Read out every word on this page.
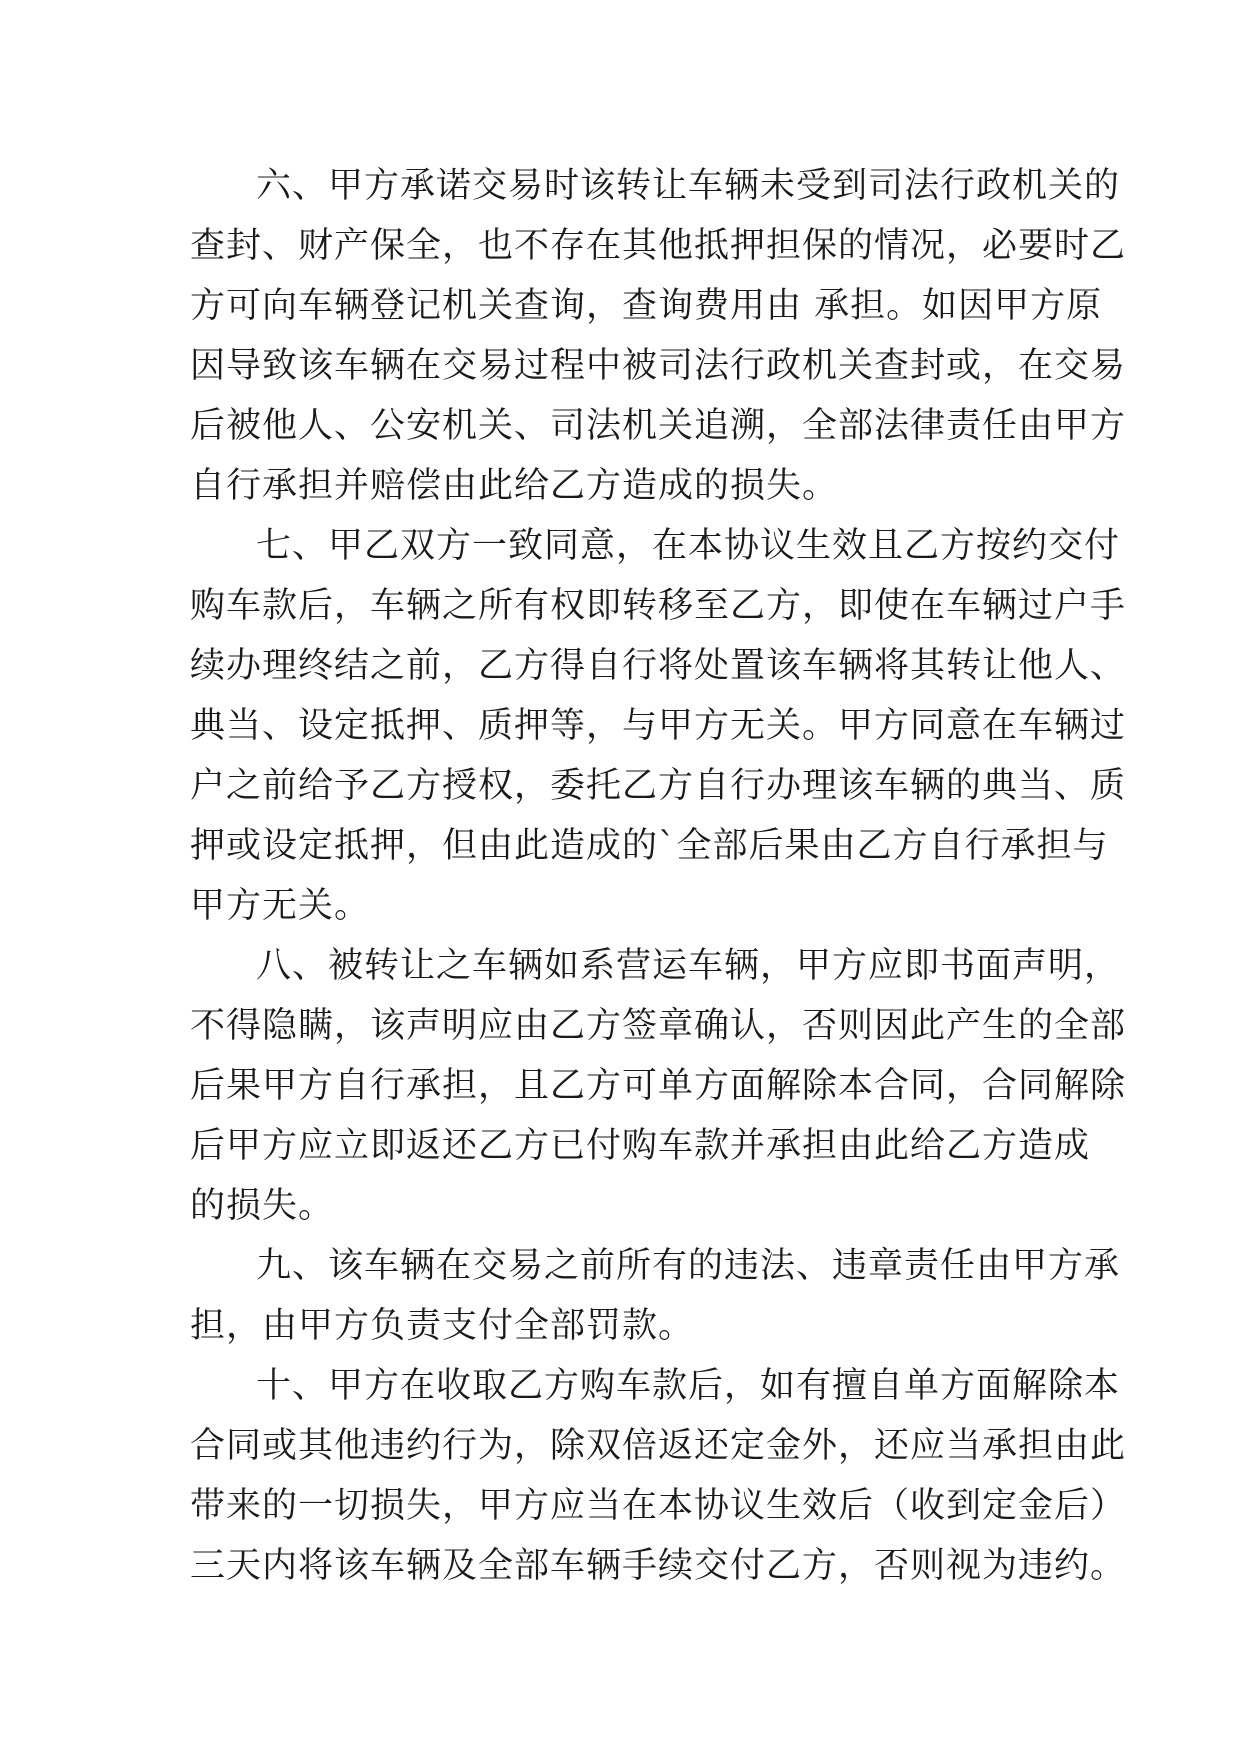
六、甲方承诺交易时该转让车辆未受到司法行政机关的
查封、财产保全，也不存在其他抵押担保的情况，必要时乙
方可向车辆登记机关查询，查询费用由 承担。如因甲方原
因导致该车辆在交易过程中被司法行政机关查封或，在交易
后被他人、公安机关、司法机关追溯，全部法律责任由甲方
自行承担并赔偿由此给乙方造成的损失。
七、甲乙双方一致同意，在本协议生效且乙方按约交付
购车款后，车辆之所有权即转移至乙方，即使在车辆过户手
续办理终结之前，乙方得自行将处置该车辆将其转让他人、
典当、设定抵押、质押等，与甲方无关。甲方同意在车辆过
户之前给予乙方授权，委托乙方自行办理该车辆的典当、质
押或设定抵押，但由此造成的`全部后果由乙方自行承担与
甲方无关。
八、被转让之车辆如系营运车辆，甲方应即书面声明，
不得隐瞒，该声明应由乙方签章确认，否则因此产生的全部
后果甲方自行承担，且乙方可单方面解除本合同，合同解除
后甲方应立即返还乙方已付购车款并承担由此给乙方造成
的损失。
九、该车辆在交易之前所有的违法、违章责任由甲方承
担，由甲方负责支付全部罚款。
十、甲方在收取乙方购车款后，如有擅自单方面解除本
合同或其他违约行为，除双倍返还定金外，还应当承担由此
带来的一切损失，甲方应当在本协议生效后（收到定金后）
三天内将该车辆及全部车辆手续交付乙方，否则视为违约。
